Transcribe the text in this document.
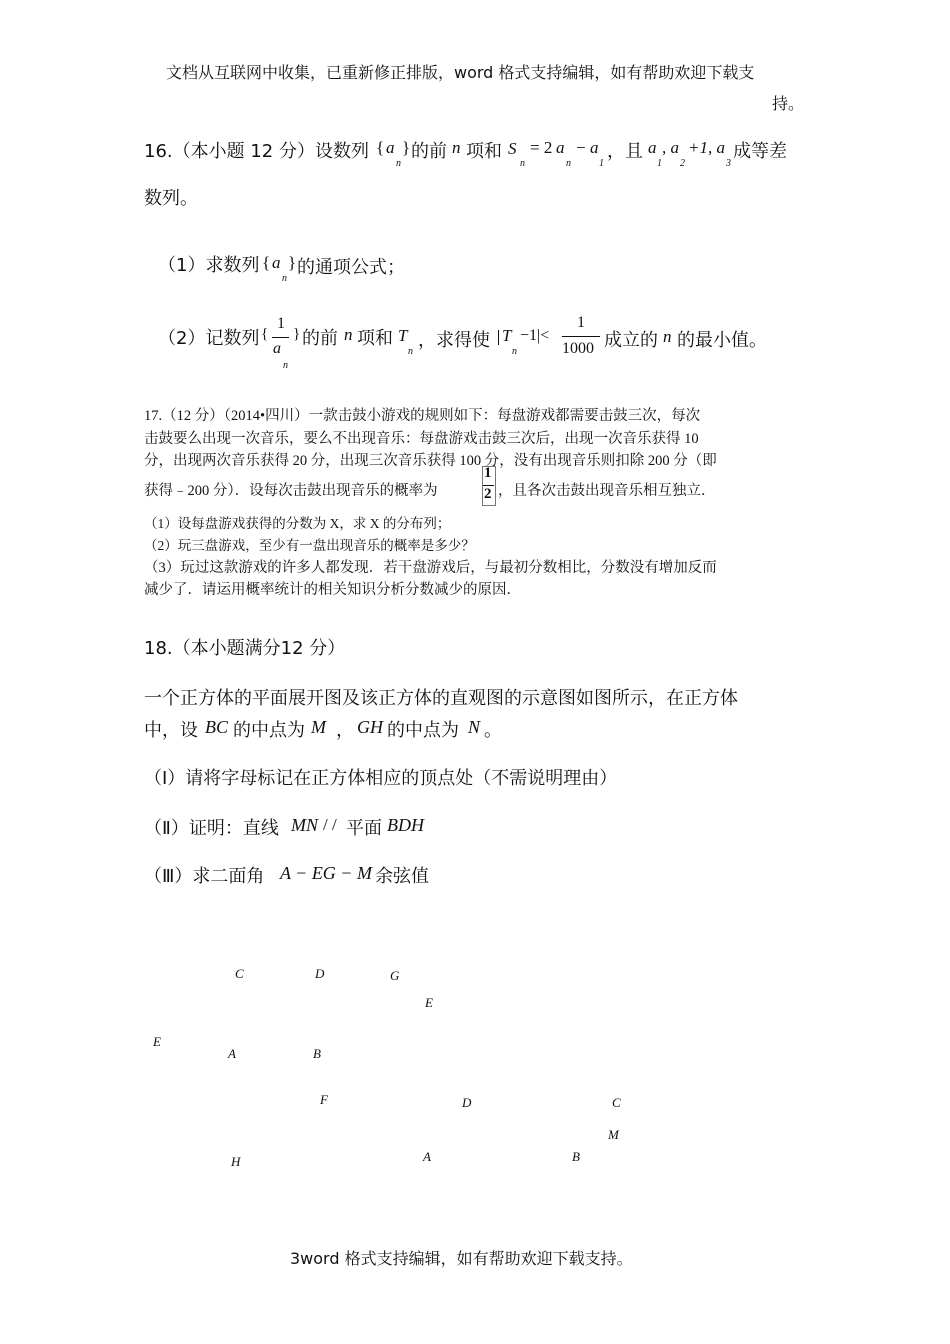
文档从互联网中收集，已重新修正排版，word 格式支持编辑，如有帮助欢迎下载支
持。
16.（本小题 12 分）设数列 { a
n
} 的前 n 项和 S
n
= 2 a
n
− a
1
，且 a
1
, a
2
+1, a
3
成等差
数列。
（1）求数列 { a
n
} 的通项公式；
（2）记数列 {
1
a
n
} 的前 n 项和 T
n
，求得使 T
n
−1|<
1
1000 成立的 n 的最小值。
17.（12 分）（2014•四川）一款击鼓小游戏的规则如下：每盘游戏都需要击鼓三次，每次
击鼓要么出现一次音乐，要么不出现音乐：每盘游戏击鼓三次后，出现一次音乐获得 10
分，出现两次音乐获得 20 分，出现三次音乐获得 100 分，没有出现音乐则扣除 200 分（即
获得﹣200 分）．设每次击鼓出现音乐的概率为
1
2 ，且各次击鼓出现音乐相互独立．
（1）设每盘游戏获得的分数为 X，求 X 的分布列；
（2）玩三盘游戏，至少有一盘出现音乐的概率是多少？
（3）玩过这款游戏的许多人都发现．若干盘游戏后，与最初分数相比，分数没有增加反而
减少了．请运用概率统计的相关知识分析分数减少的原因．
18.（本小题满分12 分）
一个正方体的平面展开图及该正方体的直观图的示意图如图所示，在正方体
中，设 BC 的中点为 M ， GH 的中点为 N 。
（Ⅰ）请将字母标记在正方体相应的顶点处（不需说明理由）
（Ⅱ）证明：直线 MN / / 平面 BDH
（Ⅲ）求二面角 A − EG − M 余弦值
C	D	G
E
E
A	B
F	D	C
M
H	A	B
3word 格式支持编辑，如有帮助欢迎下载支持。
